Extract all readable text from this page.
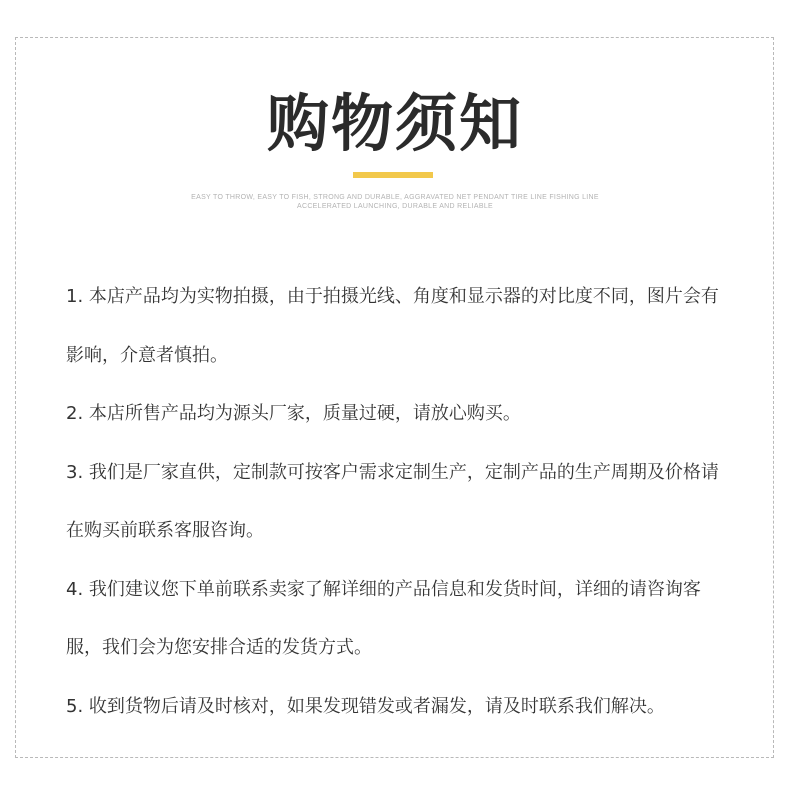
购物须知
EASY TO THROW, EASY TO FISH, STRONG AND DURABLE, AGGRAVATED NET PENDANT TIRE LINE FISHING LINE
ACCELERATED LAUNCHING, DURABLE AND RELIABLE

1. 本店产品均为实物拍摄，由于拍摄光线、角度和显示器的对比度不同，图片会有影响，介意者慎拍。

2. 本店所售产品均为源头厂家，质量过硬，请放心购买。

3. 我们是厂家直供，定制款可按客户需求定制生产，定制产品的生产周期及价格请在购买前联系客服咨询。

4. 我们建议您下单前联系卖家了解详细的产品信息和发货时间，详细的请咨询客服，我们会为您安排合适的发货方式。

5. 收到货物后请及时核对，如果发现错发或者漏发，请及时联系我们解决。
